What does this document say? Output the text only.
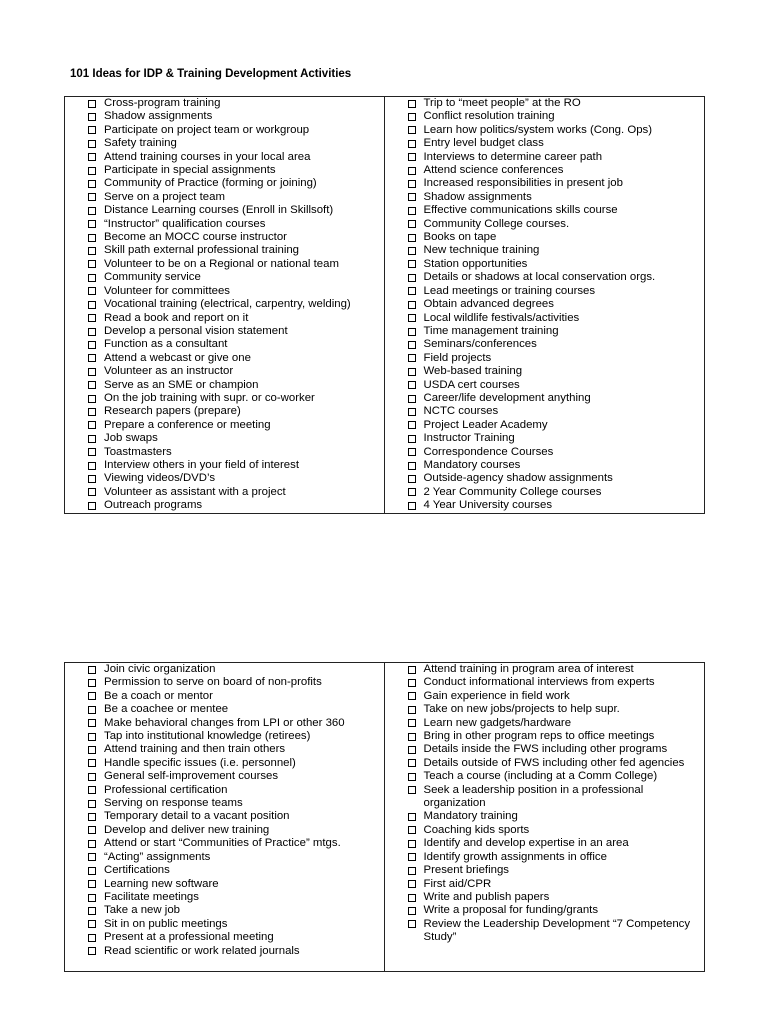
101 Ideas for IDP & Training Development Activities
Cross-program training
Shadow assignments
Participate on project team or workgroup
Safety training
Attend training courses in your local area
Participate in special assignments
Community of Practice (forming or joining)
Serve on a project team
Distance Learning courses (Enroll in Skillsoft)
“Instructor” qualification courses
Become an MOCC course instructor
Skill path external professional training
Volunteer to be on a Regional or national team
Community service
Volunteer for committees
Vocational training (electrical, carpentry, welding)
Read a book and report on it
Develop a personal vision statement
Function as a consultant
Attend a webcast or give one
Volunteer as an instructor
Serve as an SME or champion
On the job training with supr. or co-worker
Research papers (prepare)
Prepare a conference or meeting
Job swaps
Toastmasters
Interview others in your field of interest
Viewing videos/DVD’s
Volunteer as assistant with a project
Outreach programs
Trip to “meet people” at the RO
Conflict resolution training
Learn how politics/system works (Cong. Ops)
Entry level budget class
Interviews to determine career path
Attend science conferences
Increased responsibilities in present job
Shadow assignments
Effective communications skills course
Community College courses.
Books on tape
New technique training
Station opportunities
Details or shadows at local conservation orgs.
Lead meetings or training courses
Obtain advanced degrees
Local wildlife festivals/activities
Time management training
Seminars/conferences
Field projects
Web-based training
USDA cert courses
Career/life development anything
NCTC courses
Project Leader Academy
Instructor Training
Correspondence Courses
Mandatory courses
Outside-agency shadow assignments
2 Year Community College courses
4 Year University courses
Join civic organization
Permission to serve on board of non-profits
Be a coach or mentor
Be a coachee or mentee
Make behavioral changes from LPI or other 360
Tap into institutional knowledge (retirees)
Attend training and then train others
Handle specific issues (i.e. personnel)
General self-improvement courses
Professional certification
Serving on response teams
Temporary detail to a vacant position
Develop and deliver new training
Attend or start “Communities of Practice” mtgs.
“Acting” assignments
Certifications
Learning new software
Facilitate meetings
Take a new job
Sit in on public meetings
Present at a professional meeting
Read scientific or work related journals
Attend training in program area of interest
Conduct informational interviews from experts
Gain experience in field work
Take on new jobs/projects to help supr.
Learn new gadgets/hardware
Bring in other program reps to office meetings
Details inside the FWS including other programs
Details outside of FWS including other fed agencies
Teach a course (including at a Comm College)
Seek a leadership position in a professional organization
Mandatory training
Coaching kids sports
Identify and develop expertise in an area
Identify growth assignments in office
Present briefings
First aid/CPR
Write and publish papers
Write a proposal for funding/grants
Review the Leadership Development “7 Competency Study”
